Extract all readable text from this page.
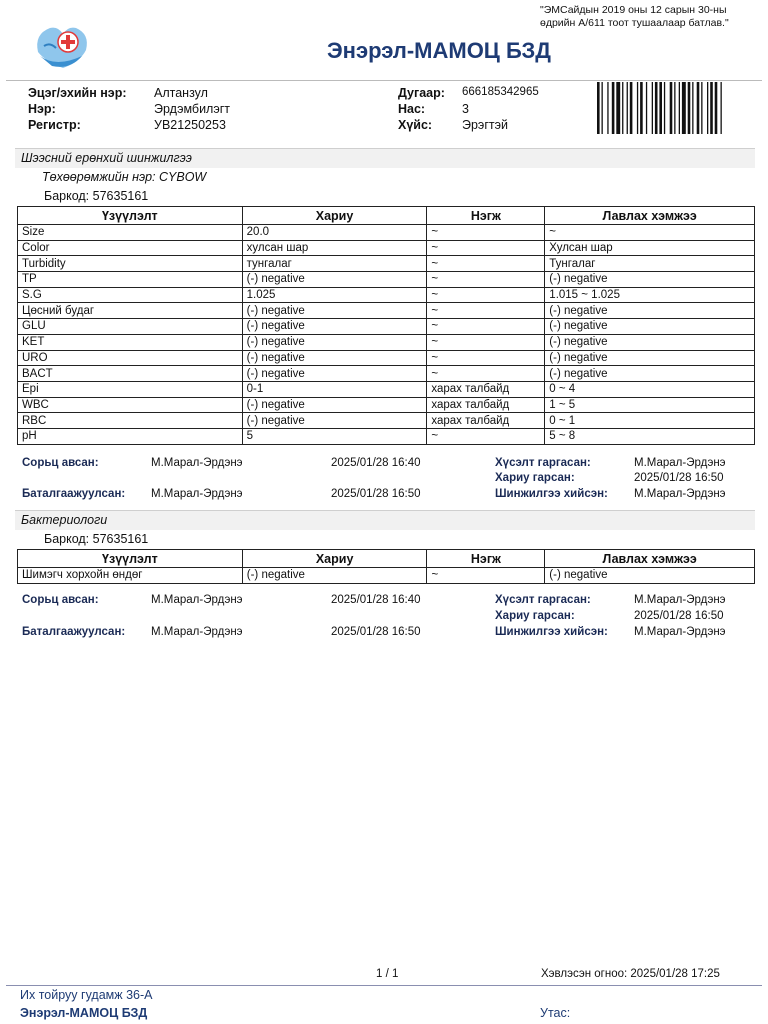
"ЭМСайдын 2019 оны 12 сарын 30-ны
өдрийн А/611 тоот тушаалаар батлав."
Энэрэл-МАМОЦ БЗД
Эцэг/эхийн нэр: Алтанзул
Нэр:	Эрдэмбилэгт
Регистр:	УВ21250253
Дугаар: 666185342965
Нас:	3
Хүйс: Эрэгтэй
Шээсний ерөнхий шинжилгээ
Төхөөрөмжийн нэр: CYBOW
Баркод: 57635161
Үзүүлэлт	Хариу	Нэгж	Лавлах хэмжээ
Size	20.0	~	~
Color	хулсан шар	~	Хулсан шар
Turbidity	тунгалаг	~	Тунгалаг
TP	(-) negative	~	(-) negative
S.G	1.025	~	1.015 ~ 1.025
Цөсний будаг	(-) negative	~	(-) negative
GLU	(-) negative	~	(-) negative
KET	(-) negative	~	(-) negative
URO	(-) negative	~	(-) negative
BACT	(-) negative	~	(-) negative
Epi	0-1	харах талбайд	0 ~ 4
WBC	(-) negative	харах талбайд	1 ~ 5
RBC	(-) negative	харах талбайд	0 ~ 1
pH	5	~	5 ~ 8
Сорьц авсан:	М.Марал-Эрдэнэ	2025/01/28 16:40	Хүсэлт гаргасан:	М.Марал-Эрдэнэ
Хариу гарсан:	2025/01/28 16:50
Баталгаажуулсан: М.Марал-Эрдэнэ	2025/01/28 16:50	Шинжилгээ хийсэн: М.Марал-Эрдэнэ
Бактериологи
Баркод: 57635161
Үзүүлэлт	Хариу	Нэгж	Лавлах хэмжээ
Шимэгч хорхойн өндөг	(-) negative	~	(-) negative
Сорьц авсан:	М.Марал-Эрдэнэ	2025/01/28 16:40	Хүсэлт гаргасан:	М.Марал-Эрдэнэ
Хариу гарсан:	2025/01/28 16:50
Баталгаажуулсан: М.Марал-Эрдэнэ	2025/01/28 16:50	Шинжилгээ хийсэн: М.Марал-Эрдэнэ
1 / 1	Хэвлэсэн огноо: 2025/01/28 17:25
Их тойруу гудамж 36-А
Энэрэл-МАМОЦ БЗД	Утас:
